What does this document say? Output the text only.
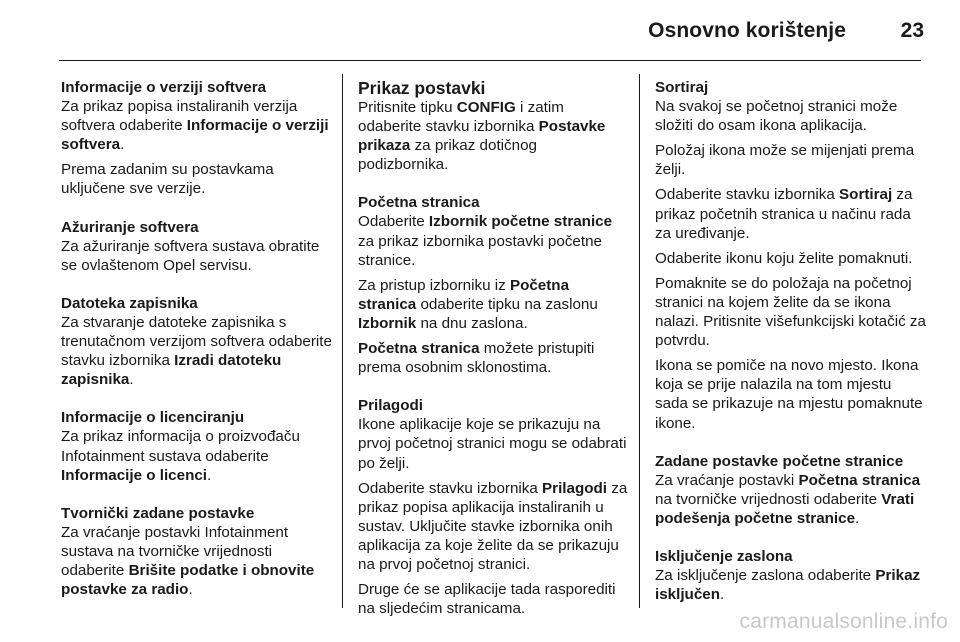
Osnovno korištenje	23

Informacije o verziji softvera

Za prikaz popisa instaliranih verzija softvera odaberite Informacije o verziji softvera.

Prema zadanim su postavkama uključene sve verzije.

Ažuriranje softvera

Za ažuriranje softvera sustava obratite se ovlaštenom Opel servisu.

Datoteka zapisnika

Za stvaranje datoteke zapisnika s trenutačnom verzijom softvera odaberite stavku izbornika Izradi datoteku zapisnika.

Informacije o licenciranju

Za prikaz informacija o proizvođaču Infotainment sustava odaberite Informacije o licenci.

Tvornički zadane postavke

Za vraćanje postavki Infotainment sustava na tvorničke vrijednosti odaberite Brišite podatke i obnovite postavke za radio.

Prikaz postavki

Pritisnite tipku CONFIG i zatim odaberite stavku izbornika Postavke prikaza za prikaz dotičnog podizbornika.

Početna stranica

Odaberite Izbornik početne stranice za prikaz izbornika postavki početne stranice.

Za pristup izborniku iz Početna stranica odaberite tipku na zaslonu Izbornik na dnu zaslona.

Početna stranica možete pristupiti prema osobnim sklonostima.

Prilagodi

Ikone aplikacije koje se prikazuju na prvoj početnoj stranici mogu se odabrati po želji.

Odaberite stavku izbornika Prilagodi za prikaz popisa aplikacija instaliranih u sustav. Uključite stavke izbornika onih aplikacija za koje želite da se prikazuju na prvoj početnoj stranici.

Druge će se aplikacije tada rasporediti na sljedećim stranicama.

Sortiraj

Na svakoj se početnoj stranici može složiti do osam ikona aplikacija.

Položaj ikona može se mijenjati prema želji.

Odaberite stavku izbornika Sortiraj za prikaz početnih stranica u načinu rada za uređivanje.

Odaberite ikonu koju želite pomaknuti.

Pomaknite se do položaja na početnoj stranici na kojem želite da se ikona nalazi. Pritisnite višefunkcijski kotačić za potvrdu.

Ikona se pomiče na novo mjesto. Ikona koja se prije nalazila na tom mjestu sada se prikazuje na mjestu pomaknute ikone.

Zadane postavke početne stranice

Za vraćanje postavki Početna stranica na tvorničke vrijednosti odaberite Vrati podešenja početne stranice.

Isključenje zaslona

Za isključenje zaslona odaberite Prikaz isključen.

carmanualsonline.info
